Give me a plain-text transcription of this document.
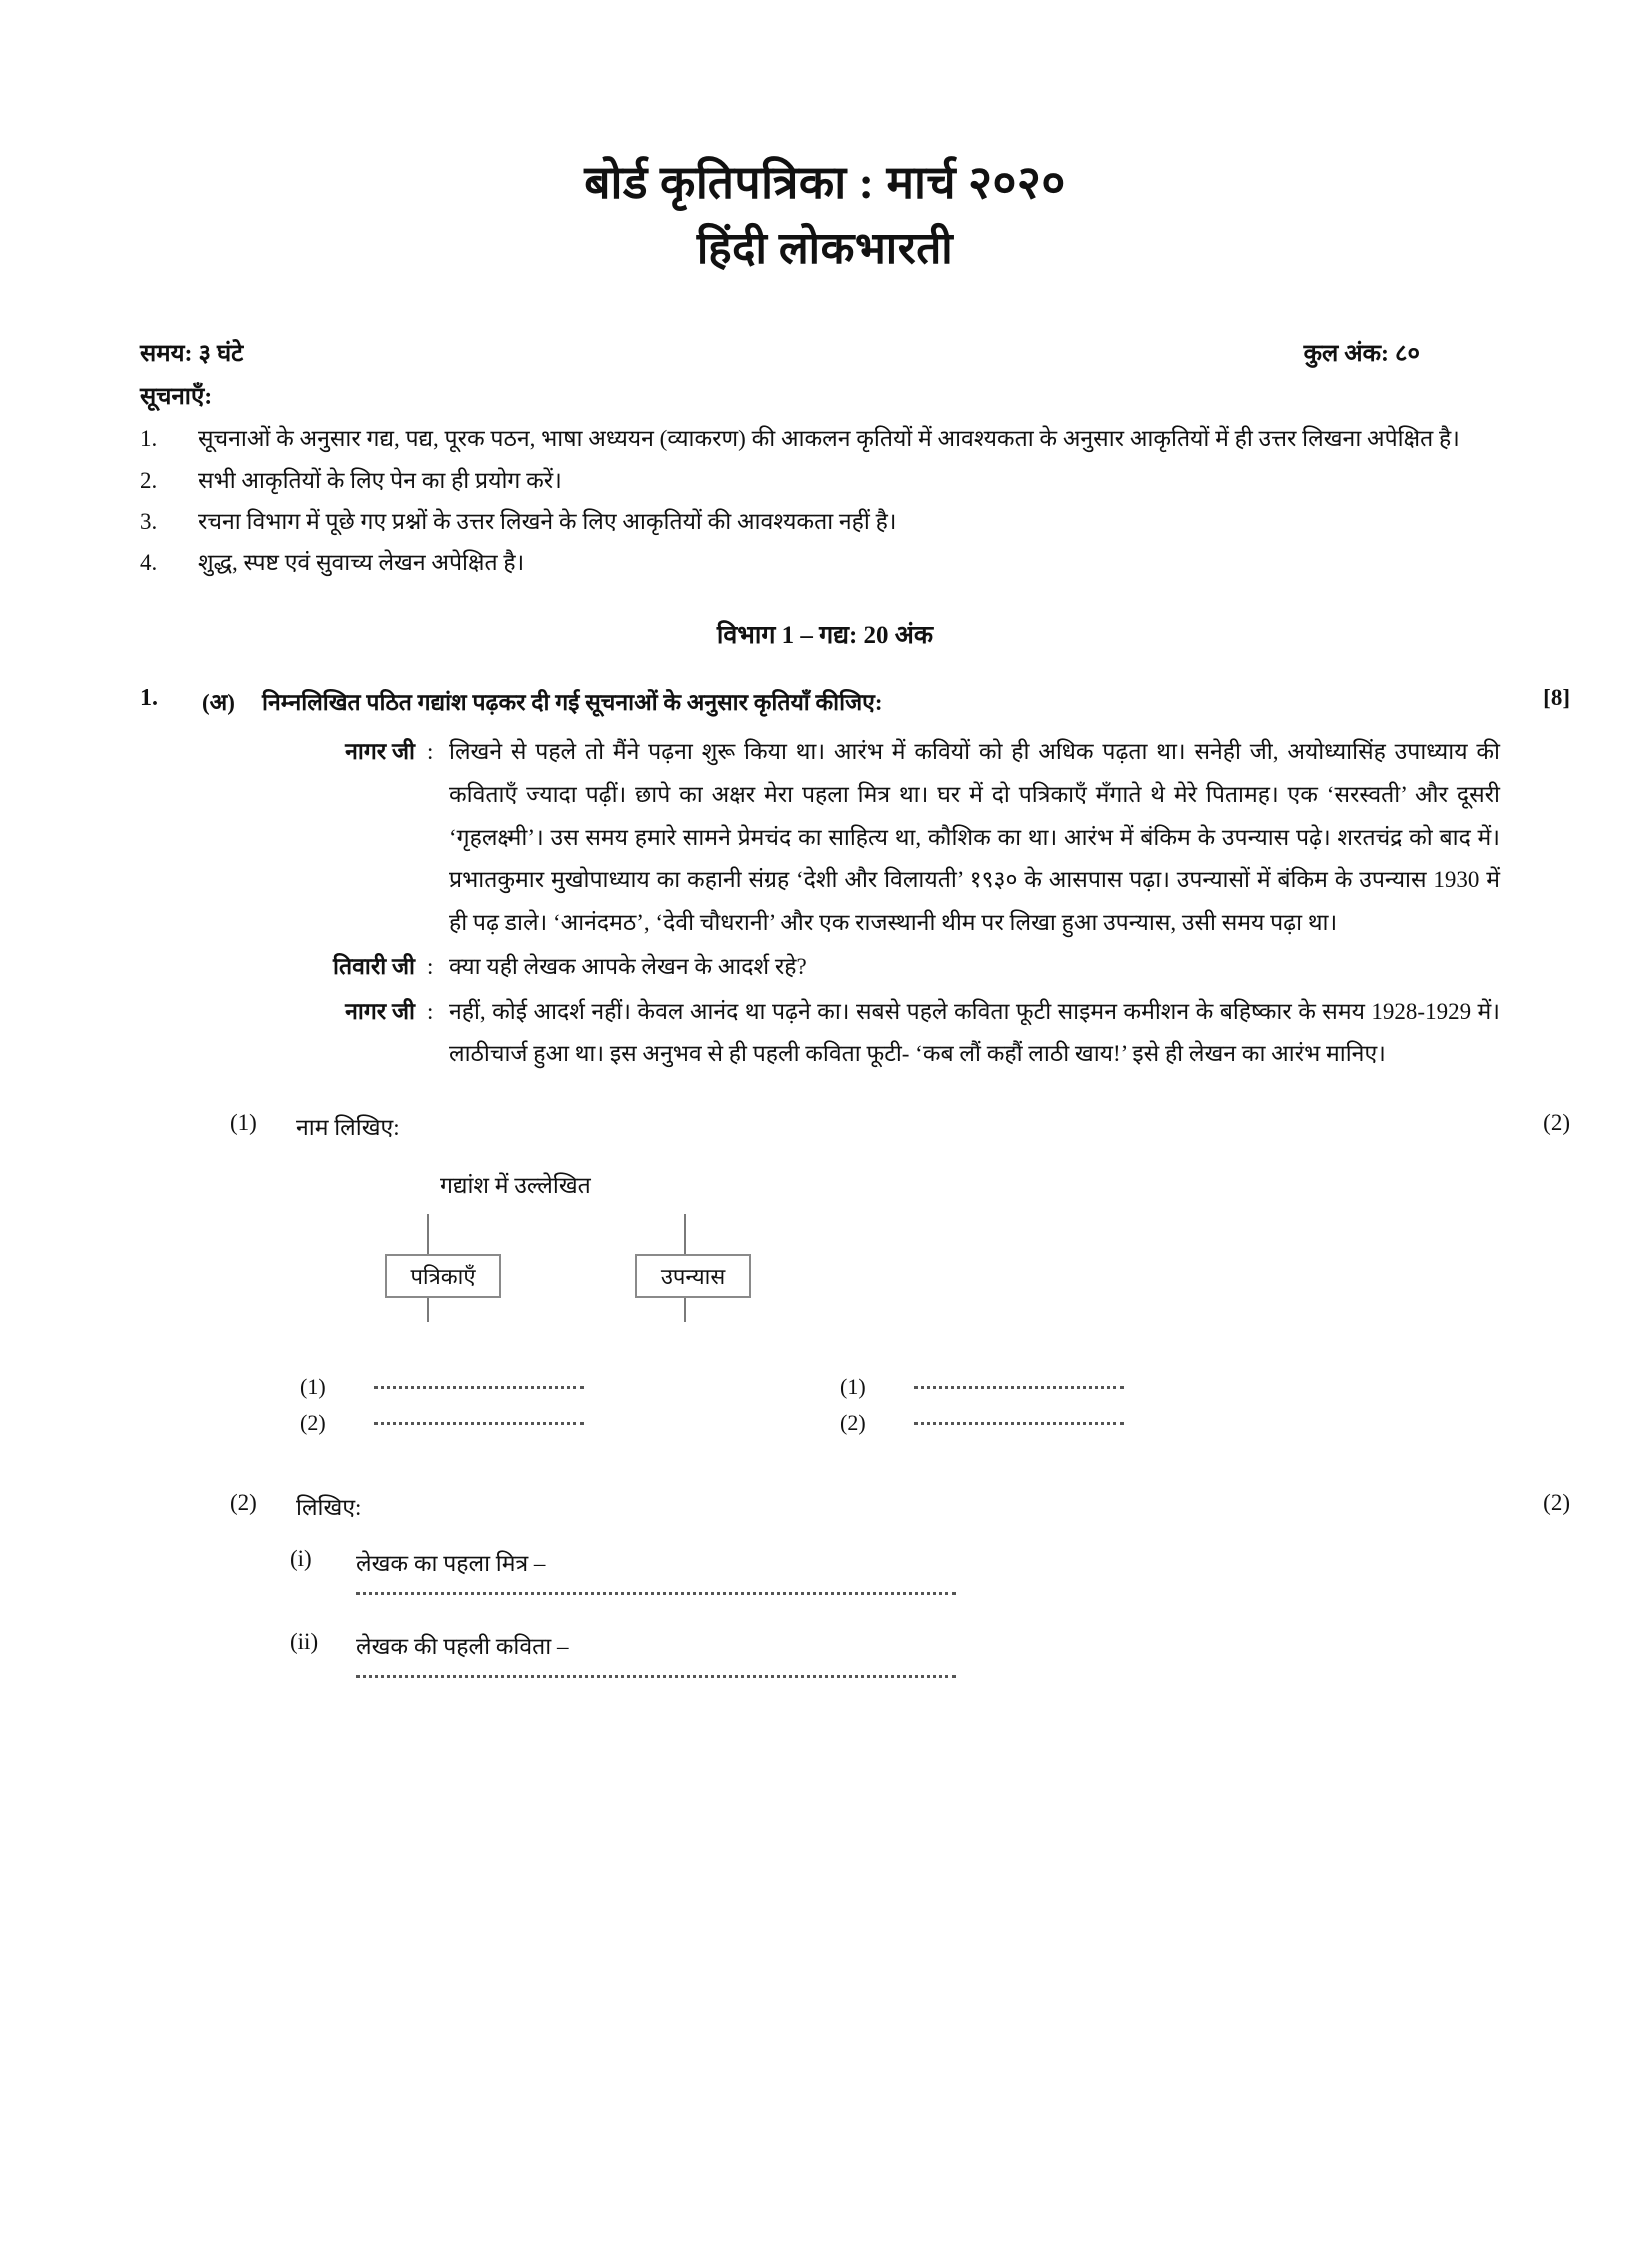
बोर्ड कृतिपत्रिका : मार्च २०२०
हिंदी लोकभारती
समय: ३ घंटे	कुल अंक: ८०
सूचनाएँ:
1.	सूचनाओं के अनुसार गद्य, पद्य, पूरक पठन, भाषा अध्ययन (व्याकरण) की आकलन कृतियों में आवश्यकता के अनुसार आकृतियों में ही उत्तर लिखना अपेक्षित है।
2.	सभी आकृतियों के लिए पेन का ही प्रयोग करें।
3.	रचना विभाग में पूछे गए प्रश्नों के उत्तर लिखने के लिए आकृतियों की आवश्यकता नहीं है।
4.	शुद्ध, स्पष्ट एवं सुवाच्य लेखन अपेक्षित है।
विभाग 1 – गद्य: 20 अंक
1.	(अ)	निम्नलिखित पठित गद्यांश पढ़कर दी गई सूचनाओं के अनुसार कृतियाँ कीजिए:	[8]
नागर जी : लिखने से पहले तो मैंने पढ़ना शुरू किया था। आरंभ में कवियों को ही अधिक पढ़ता था। सनेही जी, अयोध्यासिंह उपाध्याय की कविताएँ ज्यादा पढ़ीं। छापे का अक्षर मेरा पहला मित्र था। घर में दो पत्रिकाएँ मँगाते थे मेरे पितामह। एक ‘सरस्वती’ और दूसरी ‘गृहलक्ष्मी’। उस समय हमारे सामने प्रेमचंद का साहित्य था, कौशिक का था। आरंभ में बंकिम के उपन्यास पढ़े। शरतचंद्र को बाद में। प्रभातकुमार मुखोपाध्याय का कहानी संग्रह ‘देशी और विलायती’ १९३० के आसपास पढ़ा। उपन्यासों में बंकिम के उपन्यास 1930 में ही पढ़ डाले। ‘आनंदमठ’, ‘देवी चौधरानी’ और एक राजस्थानी थीम पर लिखा हुआ उपन्यास, उसी समय पढ़ा था।
तिवारी जी : क्या यही लेखक आपके लेखन के आदर्श रहे?
नागर जी : नहीं, कोई आदर्श नहीं। केवल आनंद था पढ़ने का। सबसे पहले कविता फूटी साइमन कमीशन के बहिष्कार के समय 1928-1929 में। लाठीचार्ज हुआ था। इस अनुभव से ही पहली कविता फूटी- ‘कब लौं कहौं लाठी खाय!’ इसे ही लेखन का आरंभ मानिए।
(1)	नाम लिखिए:	(2)
गद्यांश में उल्लेखित
पत्रिकाएँ	उपन्यास
(1)
(2)
(1)
(2)
(2)	लिखिए:	(2)
(i)	लेखक का पहला मित्र –
(ii)	लेखक की पहली कविता –
